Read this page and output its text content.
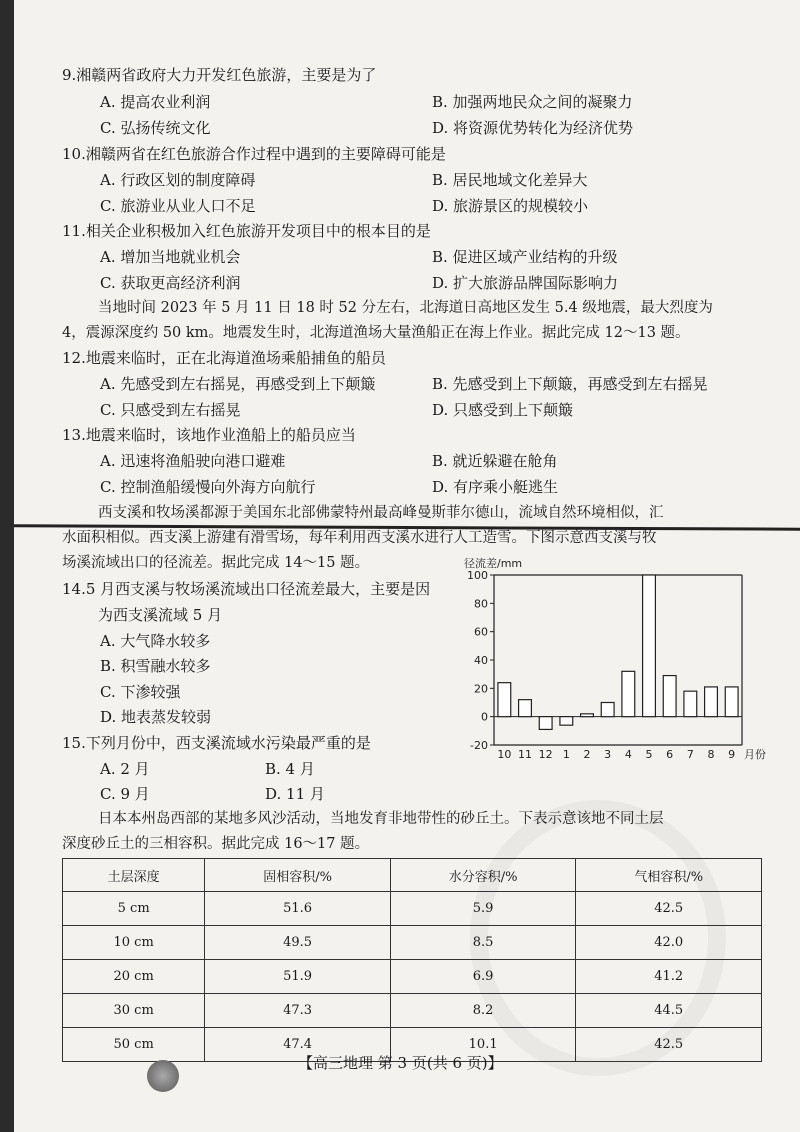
9.湘赣两省政府大力开发红色旅游，主要是为了
A. 提高农业利润	B. 加强两地民众之间的凝聚力
C. 弘扬传统文化	D. 将资源优势转化为经济优势
10.湘赣两省在红色旅游合作过程中遇到的主要障碍可能是
A. 行政区划的制度障碍	B. 居民地域文化差异大
C. 旅游业从业人口不足	D. 旅游景区的规模较小
11.相关企业积极加入红色旅游开发项目中的根本目的是
A. 增加当地就业机会	B. 促进区域产业结构的升级
C. 获取更高经济利润	D. 扩大旅游品牌国际影响力
当地时间 2023 年 5 月 11 日 18 时 52 分左右，北海道日高地区发生 5.4 级地震，最大烈度为
4，震源深度约 50 km。地震发生时，北海道渔场大量渔船正在海上作业。据此完成 12～13 题。
12.地震来临时，正在北海道渔场乘船捕鱼的船员
A. 先感受到左右摇晃，再感受到上下颠簸	B. 先感受到上下颠簸，再感受到左右摇晃
C. 只感受到左右摇晃	D. 只感受到上下颠簸
13.地震来临时，该地作业渔船上的船员应当
A. 迅速将渔船驶向港口避难	B. 就近躲避在舱角
C. 控制渔船缓慢向外海方向航行	D. 有序乘小艇逃生
西支溪和牧场溪都源于美国东北部佛蒙特州最高峰曼斯菲尔德山，流域自然环境相似，汇
水面积相似。西支溪上游建有滑雪场，每年利用西支溪水进行人工造雪。下图示意西支溪与牧
场溪流域出口的径流差。据此完成 14～15 题。
14.5 月西支溪与牧场溪流域出口径流差最大，主要是因
为西支溪流域 5 月
A. 大气降水较多
B. 积雪融水较多
C. 下渗较强
D. 地表蒸发较弱
15.下列月份中，西支溪流域水污染最严重的是
A. 2 月	B. 4 月
C. 9 月	D. 11 月
径流差/mm
-20
0
20
40
60
80
100
10 11 12 1 2 3 4 5 6 7 8 9 月份
日本本州岛西部的某地多风沙活动，当地发育非地带性的砂丘土。下表示意该地不同土层
深度砂丘土的三相容积。据此完成 16～17 题。
土层深度	固相容积/%	水分容积/%	气相容积/%
5 cm	51.6	5.9	42.5
10 cm	49.5	8.5	42.0
20 cm	51.9	6.9	41.2
30 cm	47.3	8.2	44.5
50 cm	47.4	10.1	42.5
【高三地理 第 3 页(共 6 页)】
